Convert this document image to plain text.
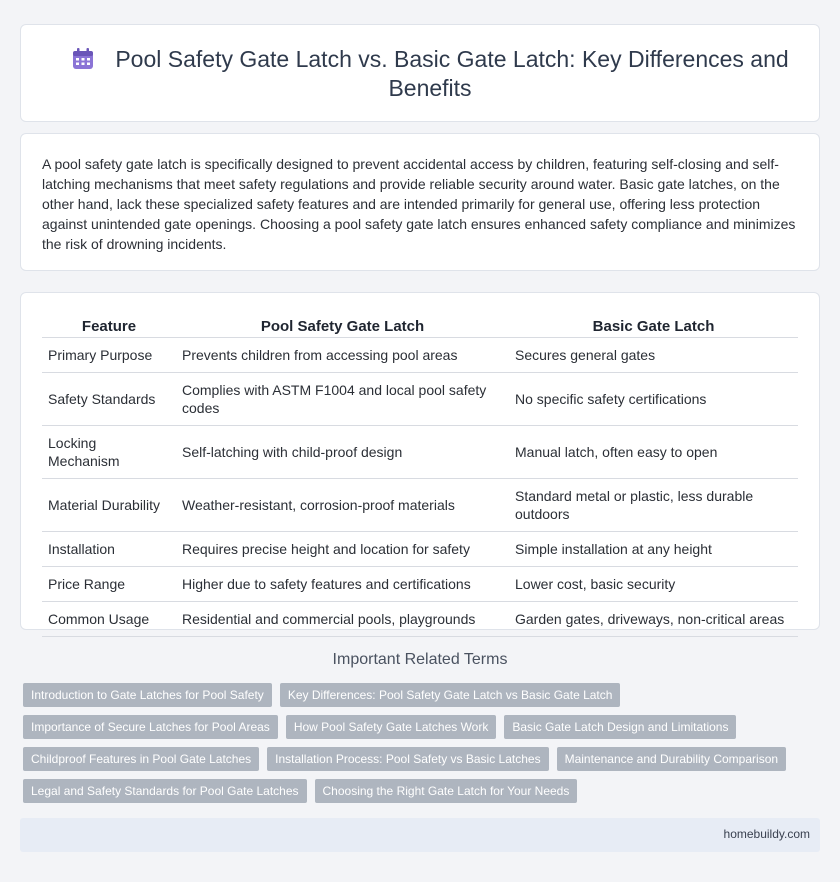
Pool Safety Gate Latch vs. Basic Gate Latch: Key Differences and Benefits

A pool safety gate latch is specifically designed to prevent accidental access by children, featuring self-closing and self-latching mechanisms that meet safety regulations and provide reliable security around water. Basic gate latches, on the other hand, lack these specialized safety features and are intended primarily for general use, offering less protection against unintended gate openings. Choosing a pool safety gate latch ensures enhanced safety compliance and minimizes the risk of drowning incidents.

Feature	Pool Safety Gate Latch	Basic Gate Latch
Primary Purpose	Prevents children from accessing pool areas	Secures general gates
Safety Standards	Complies with ASTM F1004 and local pool safety codes	No specific safety certifications
Locking Mechanism	Self-latching with child-proof design	Manual latch, often easy to open
Material Durability	Weather-resistant, corrosion-proof materials	Standard metal or plastic, less durable outdoors
Installation	Requires precise height and location for safety	Simple installation at any height
Price Range	Higher due to safety features and certifications	Lower cost, basic security
Common Usage	Residential and commercial pools, playgrounds	Garden gates, driveways, non-critical areas
Important Related Terms
Introduction to Gate Latches for Pool Safety	Key Differences: Pool Safety Gate Latch vs Basic Gate Latch
Importance of Secure Latches for Pool Areas	How Pool Safety Gate Latches Work	Basic Gate Latch Design and Limitations
Childproof Features in Pool Gate Latches	Installation Process: Pool Safety vs Basic Latches	Maintenance and Durability Comparison
Legal and Safety Standards for Pool Gate Latches	Choosing the Right Gate Latch for Your Needs
homebuildy.com
